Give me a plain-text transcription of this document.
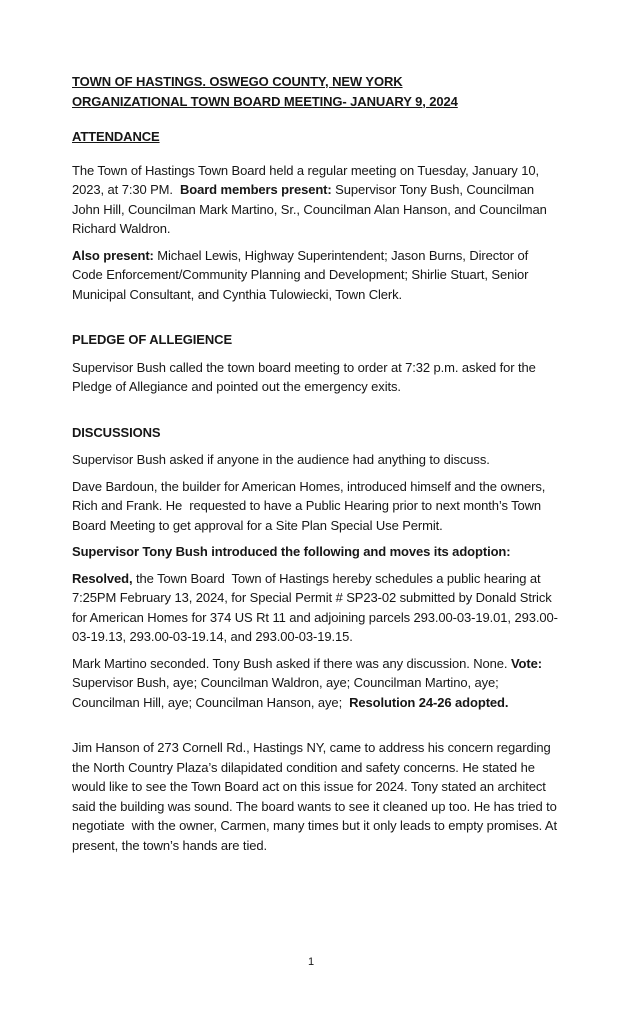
TOWN OF HASTINGS. OSWEGO COUNTY, NEW YORK
ORGANIZATIONAL TOWN BOARD MEETING- JANUARY 9, 2024
ATTENDANCE

The Town of Hastings Town Board held a regular meeting on Tuesday, January 10, 2023, at 7:30 PM.  Board members present: Supervisor Tony Bush, Councilman John Hill, Councilman Mark Martino, Sr., Councilman Alan Hanson, and Councilman Richard Waldron.

Also present: Michael Lewis, Highway Superintendent; Jason Burns, Director of Code Enforcement/Community Planning and Development; Shirlie Stuart, Senior Municipal Consultant, and Cynthia Tulowiecki, Town Clerk.

PLEDGE OF ALLEGIENCE

Supervisor Bush called the town board meeting to order at 7:32 p.m. asked for the Pledge of Allegiance and pointed out the emergency exits.

DISCUSSIONS

Supervisor Bush asked if anyone in the audience had anything to discuss.

Dave Bardoun, the builder for American Homes, introduced himself and the owners, Rich and Frank. He  requested to have a Public Hearing prior to next month’s Town Board Meeting to get approval for a Site Plan Special Use Permit.

Supervisor Tony Bush introduced the following and moves its adoption:

Resolved, the Town Board  Town of Hastings hereby schedules a public hearing at 7:25PM February 13, 2024, for Special Permit # SP23-02 submitted by Donald Strick for American Homes for 374 US Rt 11 and adjoining parcels 293.00-03-19.01, 293.00-03-19.13, 293.00-03-19.14, and 293.00-03-19.15.

Mark Martino seconded. Tony Bush asked if there was any discussion. None. Vote: Supervisor Bush, aye; Councilman Waldron, aye; Councilman Martino, aye; Councilman Hill, aye; Councilman Hanson, aye;  Resolution 24-26 adopted.

Jim Hanson of 273 Cornell Rd., Hastings NY, came to address his concern regarding the North Country Plaza’s dilapidated condition and safety concerns. He stated he would like to see the Town Board act on this issue for 2024. Tony stated an architect said the building was sound. The board wants to see it cleaned up too. He has tried to negotiate  with the owner, Carmen, many times but it only leads to empty promises. At present, the town’s hands are tied.

1
